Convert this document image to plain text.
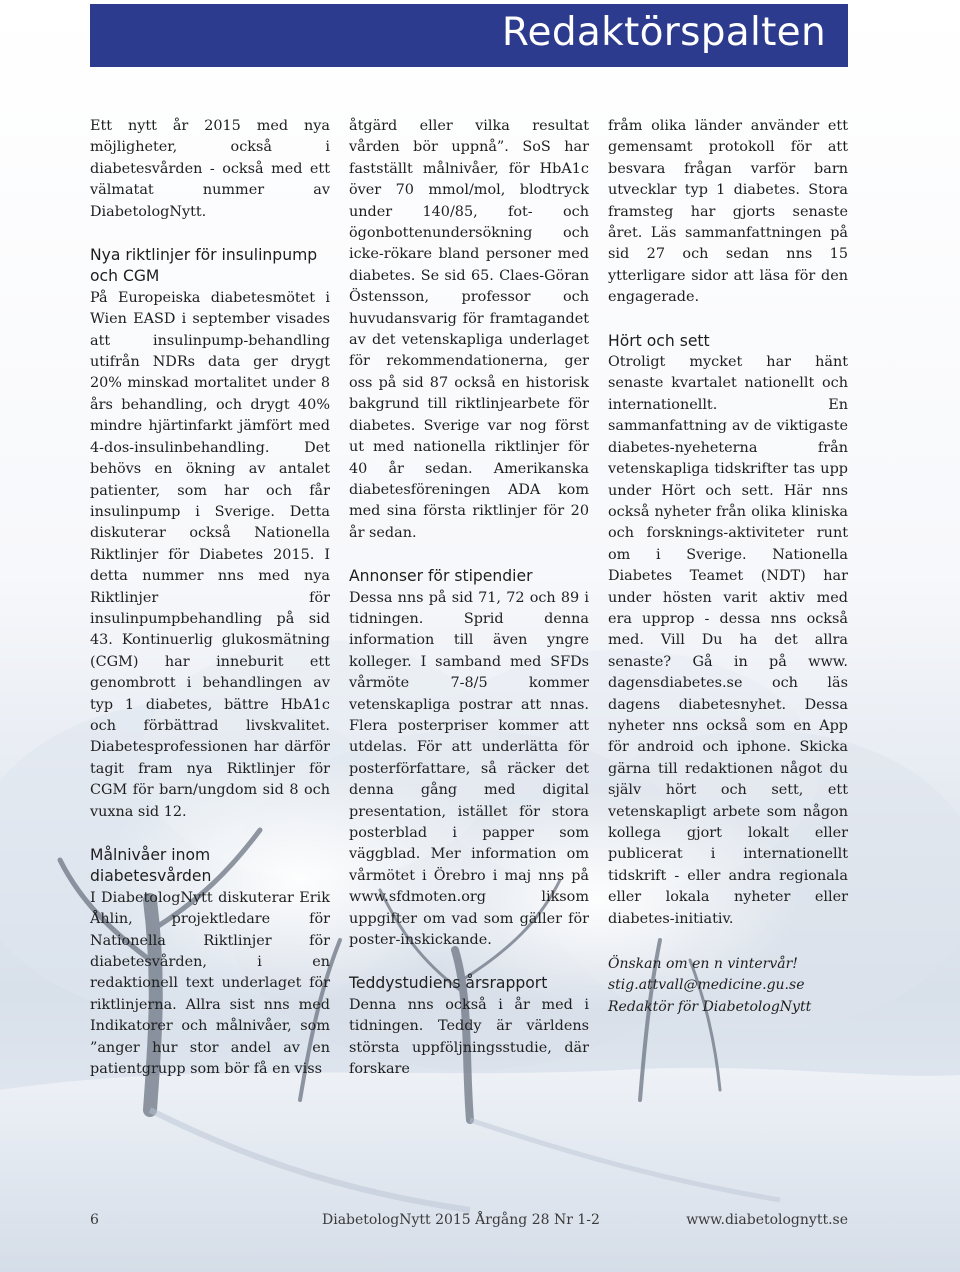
Redaktörspalten

Ett nytt år 2015 med nya möjligheter, också i diabetesvården - också med ett välmatat nummer av DiabetologNytt.

Nya riktlinjer för insulinpump och CGM

På Europeiska diabetesmötet i Wien EASD i september visades att insulinpump-behandling utifrån NDRs data ger drygt 20% minskad mortalitet under 8 års behandling, och drygt 40% mindre hjärtinfarkt jämfört med 4-dos-insulinbehandling. Det behövs en ökning av antalet patienter, som har och får insulinpump i Sverige. Detta diskuterar också Nationella Riktlinjer för Diabetes 2015. I detta nummer nns med nya Riktlinjer för insulinpumpbehandling på sid 43. Kontinuerlig glukosmätning (CGM) har inneburit ett genombrott i behandlingen av typ 1 diabetes, bättre HbA1c och förbättrad livskvalitet. Diabetesprofessionen har därför tagit fram nya Riktlinjer för CGM för barn/ungdom sid 8 och vuxna sid 12.

Målnivåer inom diabetesvården

I DiabetologNytt diskuterar Erik Åhlin, projektledare för Nationella Riktlinjer för diabetesvården, i en redaktionell text underlaget för riktlinjerna. Allra sist nns med Indikatorer och målnivåer, som ”anger hur stor andel av en patientgrupp som bör få en viss

åtgärd eller vilka resultat vården bör uppnå”. SoS har fastställt målnivåer, för HbA1c över 70 mmol/mol, blodtryck under 140/85, fot- och ögonbottenundersökning och icke-rökare bland personer med diabetes. Se sid 65. Claes-Göran Östensson, professor och huvudansvarig för framtagandet av det vetenskapliga underlaget för rekommendationerna, ger oss på sid 87 också en historisk bakgrund till riktlinjearbete för diabetes. Sverige var nog först ut med nationella riktlinjer för 40 år sedan. Amerikanska diabetesföreningen ADA kom med sina första riktlinjer för 20 år sedan.

Annonser för stipendier

Dessa nns på sid 71, 72 och 89 i tidningen. Sprid denna information till även yngre kolleger. I samband med SFDs vårmöte 7-8/5 kommer vetenskapliga postrar att nnas. Flera posterpriser kommer att utdelas. För att underlätta för posterförfattare, så räcker det denna gång med digital presentation, istället för stora posterblad i papper som väggblad. Mer information om vårmötet i Örebro i maj nns på www.sfdmoten.org liksom uppgifter om vad som gäller för poster-inskickande.

Teddystudiens årsrapport

Denna nns också i år med i tidningen. Teddy är världens största uppföljningsstudie, där forskare

fråm olika länder använder ett gemensamt protokoll för att besvara frågan varför barn utvecklar typ 1 diabetes. Stora framsteg har gjorts senaste året. Läs sammanfattningen på sid 27 och sedan nns 15 ytterligare sidor att läsa för den engagerade.

Hört och sett

Otroligt mycket har hänt senaste kvartalet nationellt och internationellt. En sammanfattning av de viktigaste diabetes-nyeheterna från vetenskapliga tidskrifter tas upp under Hört och sett. Här nns också nyheter från olika kliniska och forsknings-aktiviteter runt om i Sverige. Nationella Diabetes Teamet (NDT) har under hösten varit aktiv med era upprop - dessa nns också med. Vill Du ha det allra senaste? Gå in på www. dagensdiabetes.se och läs dagens diabetesnyhet. Dessa nyheter nns också som en App för android och iphone. Skicka gärna till redaktionen något du själv hört och sett, ett vetenskapligt arbete som någon kollega gjort lokalt eller publicerat i internationellt tidskrift - eller andra regionala eller lokala nyheter eller diabetes-initiativ.

Önskan om en n vintervår!
stig.attvall@medicine.gu.se
Redaktör för DiabetologNytt
6	DiabetologNytt 2015 Årgång 28 Nr 1-2	www.diabetolognytt.se
